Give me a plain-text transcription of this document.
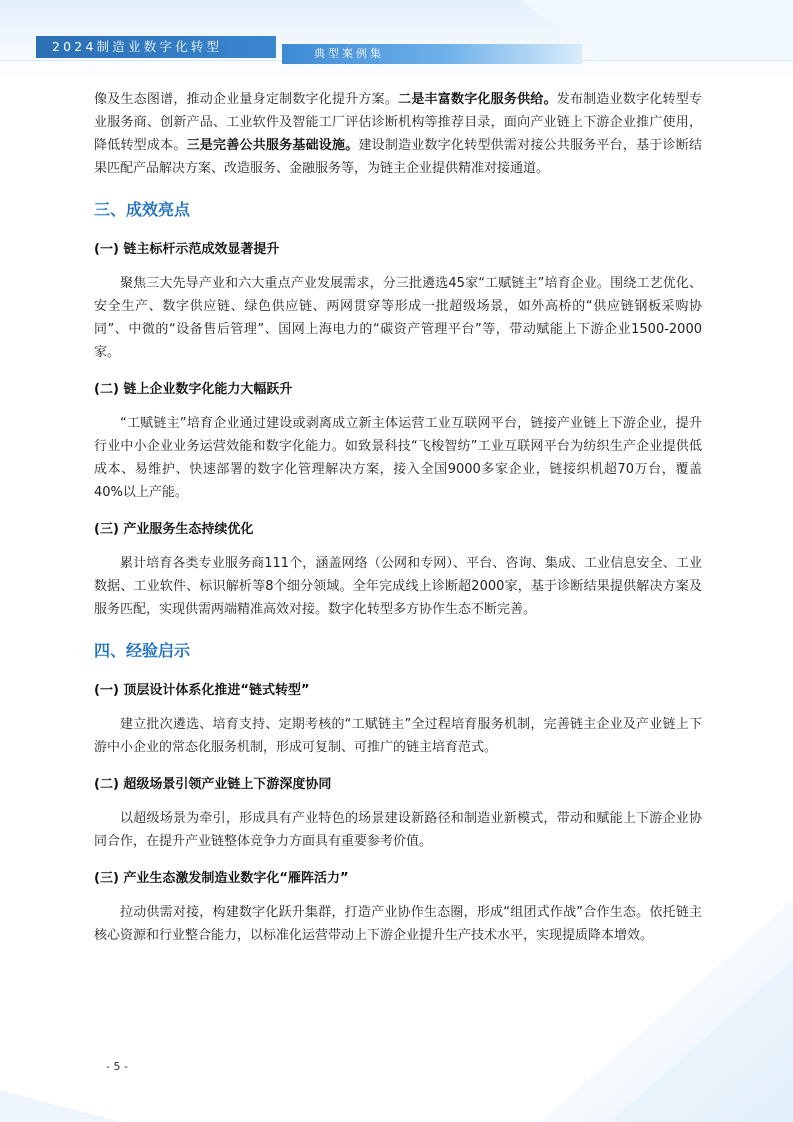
2024制造业数字化转型	典型案例集

像及生态图谱，推动企业量身定制数字化提升方案。二是丰富数字化服务供给。发布制造业数字化转型专业服务商、创新产品、工业软件及智能工厂评估诊断机构等推荐目录，面向产业链上下游企业推广使用，降低转型成本。三是完善公共服务基础设施。建设制造业数字化转型供需对接公共服务平台，基于诊断结果匹配产品解决方案、改造服务、金融服务等，为链主企业提供精准对接通道。

三、成效亮点
(一) 链主标杆示范成效显著提升

聚焦三大先导产业和六大重点产业发展需求，分三批遴选45家“工赋链主”培育企业。围绕工艺优化、安全生产、数字供应链、绿色供应链、两网贯穿等形成一批超级场景，如外高桥的“供应链钢板采购协同”、中微的“设备售后管理”、国网上海电力的“碳资产管理平台”等，带动赋能上下游企业1500-2000家。

(二) 链上企业数字化能力大幅跃升

“工赋链主”培育企业通过建设或剥离成立新主体运营工业互联网平台，链接产业链上下游企业，提升行业中小企业业务运营效能和数字化能力。如致景科技“飞梭智纺”工业互联网平台为纺织生产企业提供低成本、易维护、快速部署的数字化管理解决方案，接入全国9000多家企业，链接织机超70万台，覆盖40%以上产能。

(三) 产业服务生态持续优化

累计培育各类专业服务商111个，涵盖网络（公网和专网）、平台、咨询、集成、工业信息安全、工业数据、工业软件、标识解析等8个细分领域。全年完成线上诊断超2000家，基于诊断结果提供解决方案及服务匹配，实现供需两端精准高效对接。数字化转型多方协作生态不断完善。

四、经验启示
(一) 顶层设计体系化推进“链式转型”

建立批次遴选、培育支持、定期考核的“工赋链主”全过程培育服务机制，完善链主企业及产业链上下游中小企业的常态化服务机制，形成可复制、可推广的链主培育范式。

(二) 超级场景引领产业链上下游深度协同

以超级场景为牵引，形成具有产业特色的场景建设新路径和制造业新模式，带动和赋能上下游企业协同合作，在提升产业链整体竞争力方面具有重要参考价值。

(三) 产业生态激发制造业数字化“雁阵活力”

拉动供需对接，构建数字化跃升集群，打造产业协作生态圈，形成“组团式作战”合作生态。依托链主核心资源和行业整合能力，以标准化运营带动上下游企业提升生产技术水平，实现提质降本增效。

- 5 -
